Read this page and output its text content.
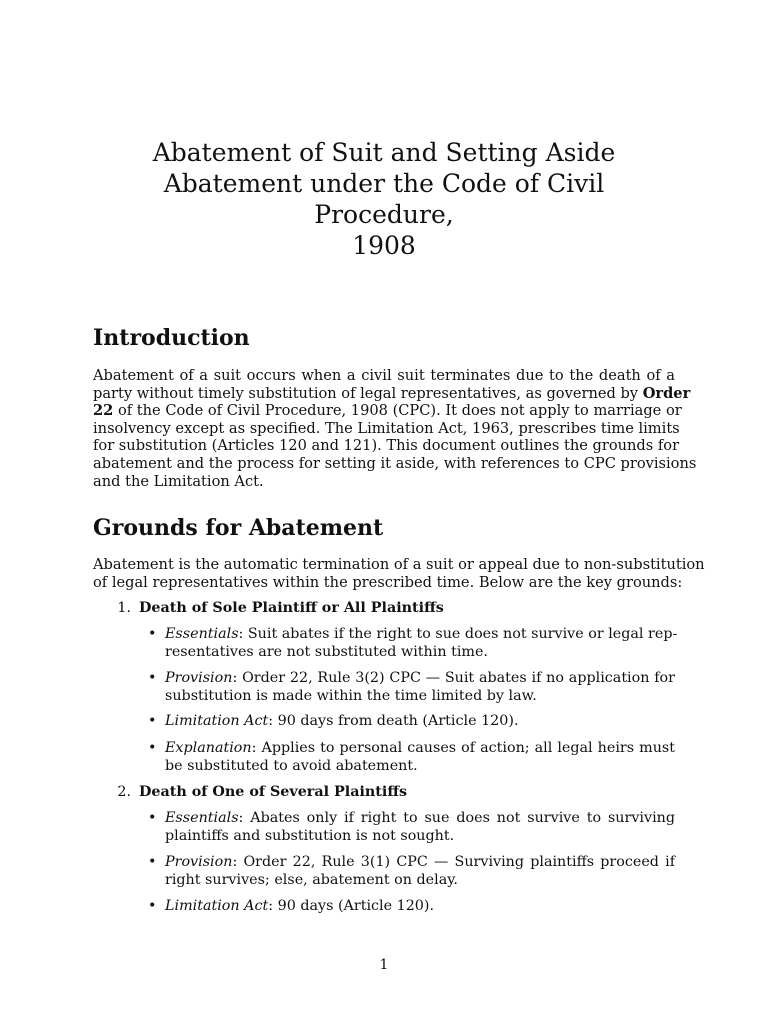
Abatement of Suit and Setting Aside
Abatement under the Code of Civil Procedure,
1908
Introduction
Abatement of a suit occurs when a civil suit terminates due to the death of a
party without timely substitution of legal representatives, as governed by Order
22 of the Code of Civil Procedure, 1908 (CPC). It does not apply to marriage or
insolvency except as specified. The Limitation Act, 1963, prescribes time limits
for substitution (Articles 120 and 121). This document outlines the grounds for
abatement and the process for setting it aside, with references to CPC provisions
and the Limitation Act.
Grounds for Abatement
Abatement is the automatic termination of a suit or appeal due to non-substitution
of legal representatives within the prescribed time. Below are the key grounds:
1. Death of Sole Plaintiff or All Plaintiffs
• Essentials: Suit abates if the right to sue does not survive or legal rep-
resentatives are not substituted within time.
• Provision: Order 22, Rule 3(2) CPC — Suit abates if no application for
substitution is made within the time limited by law.
• Limitation Act: 90 days from death (Article 120).
• Explanation: Applies to personal causes of action; all legal heirs must
be substituted to avoid abatement.
2. Death of One of Several Plaintiffs
• Essentials: Abates only if right to sue does not survive to surviving
plaintiffs and substitution is not sought.
• Provision: Order 22, Rule 3(1) CPC — Surviving plaintiffs proceed if
right survives; else, abatement on delay.
• Limitation Act: 90 days (Article 120).
1
